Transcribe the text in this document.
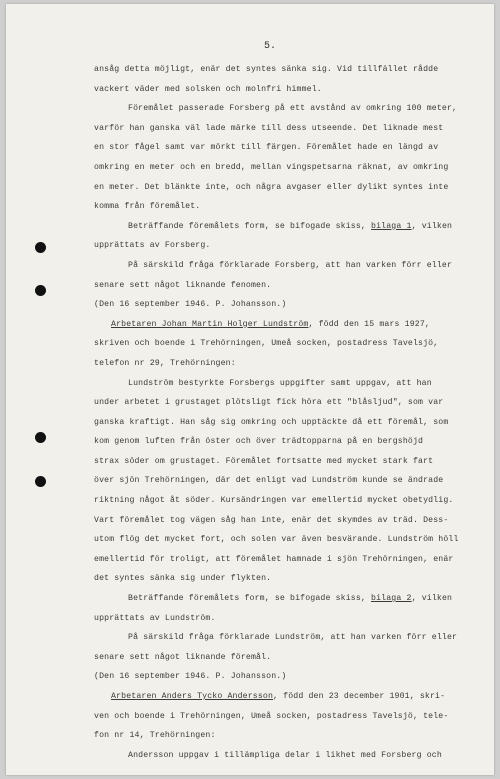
5.
ansåg detta möjligt, enär det syntes sänka sig. Vid tillfället rådde
vackert väder med solsken och molnfri himmel.
Föremålet passerade Forsberg på ett avstånd av omkring 100 meter,
varför han ganska väl lade märke till dess utseende. Det liknade mest
en stor fågel samt var mörkt till färgen. Föremålet hade en längd av
omkring en meter och en bredd, mellan vingspetsarna räknat, av omkring
en meter. Det blänkte inte, och några avgaser eller dylikt syntes inte
komma från föremålet.
Beträffande föremålets form, se bifogade skiss, bilaga 1, vilken
upprättats av Forsberg.
På särskild fråga förklarade Forsberg, att han varken förr eller
senare sett något liknande fenomen.
(Den 16 september 1946. P. Johansson.)
Arbetaren Johan Martin Holger Lundström, född den 15 mars 1927,
skriven och boende i Trehörningen, Umeå socken, postadress Tavelsjö,
telefon nr 29, Trehörningen:
Lundström bestyrkte Forsbergs uppgifter samt uppgav, att han
under arbetet i grustaget plötsligt fick höra ett "blåsljud", som var
ganska kraftigt. Han såg sig omkring och upptäckte då ett föremål, som
kom genom luften från öster och över trädtopparna på en bergshöjd
strax söder om grustaget. Föremålet fortsatte med mycket stark fart
över sjön Trehörningen, där det enligt vad Lundström kunde se ändrade
riktning något åt söder. Kursändringen var emellertid mycket obetydlig.
Vart föremålet tog vägen såg han inte, enär det skymdes av träd. Dess-
utom flög det mycket fort, och solen var även besvärande. Lundström höll
emellertid för troligt, att föremålet hamnade i sjön Trehörningen, enär
det syntes sänka sig under flykten.
Beträffande föremålets form, se bifogade skiss, bilaga 2, vilken
upprättats av Lundström.
På särskild fråga förklarade Lundström, att han varken förr eller
senare sett något liknande föremål.
(Den 16 september 1946. P. Johansson.)
Arbetaren Anders Tycko Andersson, född den 23 december 1901, skri-
ven och boende i Trehörningen, Umeå socken, postadress Tavelsjö, tele-
fon nr 14, Trehörningen:
Andersson uppgav i tillämpliga delar i likhet med Forsberg och
